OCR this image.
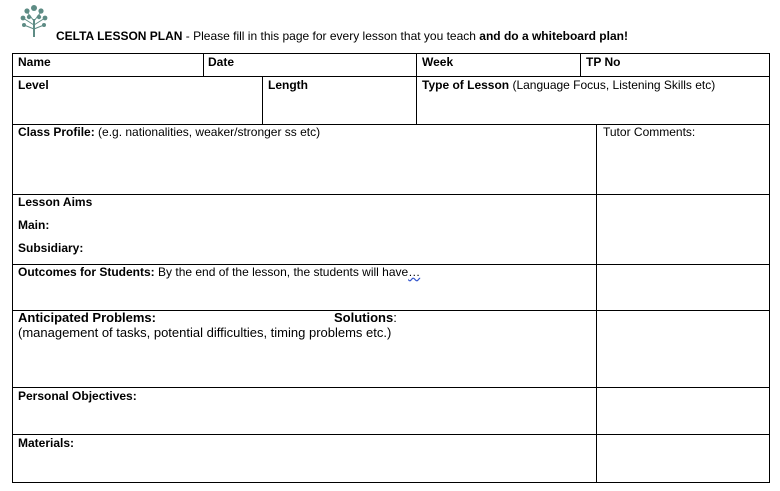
CELTA LESSON PLAN - Please fill in this page for every lesson that you teach and do a whiteboard plan!
Name	Date	Week	TP No
Level	Length	Type of Lesson (Language Focus, Listening Skills etc)
Class Profile: (e.g. nationalities, weaker/stronger ss etc)	Tutor Comments:
Lesson Aims
Main:
Subsidiary:
Outcomes for Students: By the end of the lesson, the students will have…
Anticipated Problems:	Solutions:
(management of tasks, potential difficulties, timing problems etc.)
Personal Objectives:
Materials:
